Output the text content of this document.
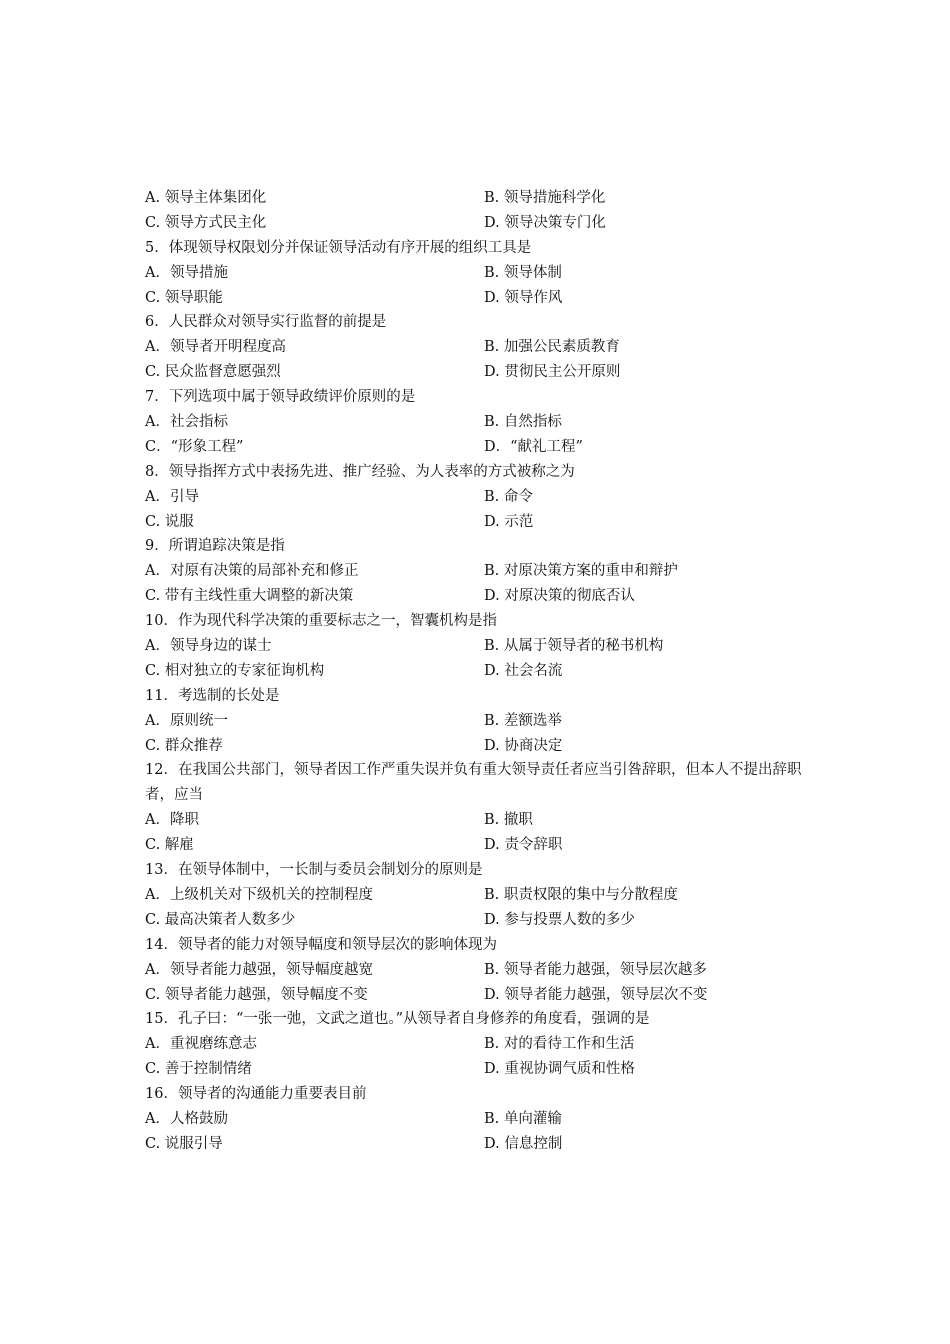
A. 领导主体集团化	B. 领导措施科学化
C. 领导方式民主化	D. 领导决策专门化
5．体现领导权限划分并保证领导活动有序开展的组织工具是
A．领导措施	B. 领导体制
C. 领导职能	D. 领导作风
6．人民群众对领导实行监督的前提是
A．领导者开明程度高	B. 加强公民素质教育
C. 民众监督意愿强烈	D. 贯彻民主公开原则
7．下列选项中属于领导政绩评价原则的是
A．社会指标	B. 自然指标
C．“形象工程”	D．“献礼工程”
8．领导指挥方式中表扬先进、推广经验、为人表率的方式被称之为
A．引导	B. 命令
C. 说服	D. 示范
9．所谓追踪决策是指
A．对原有决策的局部补充和修正	B. 对原决策方案的重申和辩护
C. 带有主线性重大调整的新决策	D. 对原决策的彻底否认
10．作为现代科学决策的重要标志之一，智囊机构是指
A．领导身边的谋士	B. 从属于领导者的秘书机构
C. 相对独立的专家征询机构	D. 社会名流
11．考选制的长处是
A．原则统一	B. 差额选举
C. 群众推荐	D. 协商决定
12．在我国公共部门，领导者因工作严重失误并负有重大领导责任者应当引咎辞职，但本人不提出辞职者，应当
A．降职	B. 撤职
C. 解雇	D. 责令辞职
13．在领导体制中，一长制与委员会制划分的原则是
A．上级机关对下级机关的控制程度	B. 职责权限的集中与分散程度
C. 最高决策者人数多少	D. 参与投票人数的多少
14．领导者的能力对领导幅度和领导层次的影响体现为
A．领导者能力越强，领导幅度越宽	B. 领导者能力越强，领导层次越多
C. 领导者能力越强，领导幅度不变	D. 领导者能力越强，领导层次不变
15．孔子曰：“一张一弛，文武之道也。”从领导者自身修养的角度看，强调的是
A．重视磨练意志	B. 对的看待工作和生活
C. 善于控制情绪	D. 重视协调气质和性格
16．领导者的沟通能力重要表目前
A．人格鼓励	B. 单向灌输
C. 说服引导	D. 信息控制
